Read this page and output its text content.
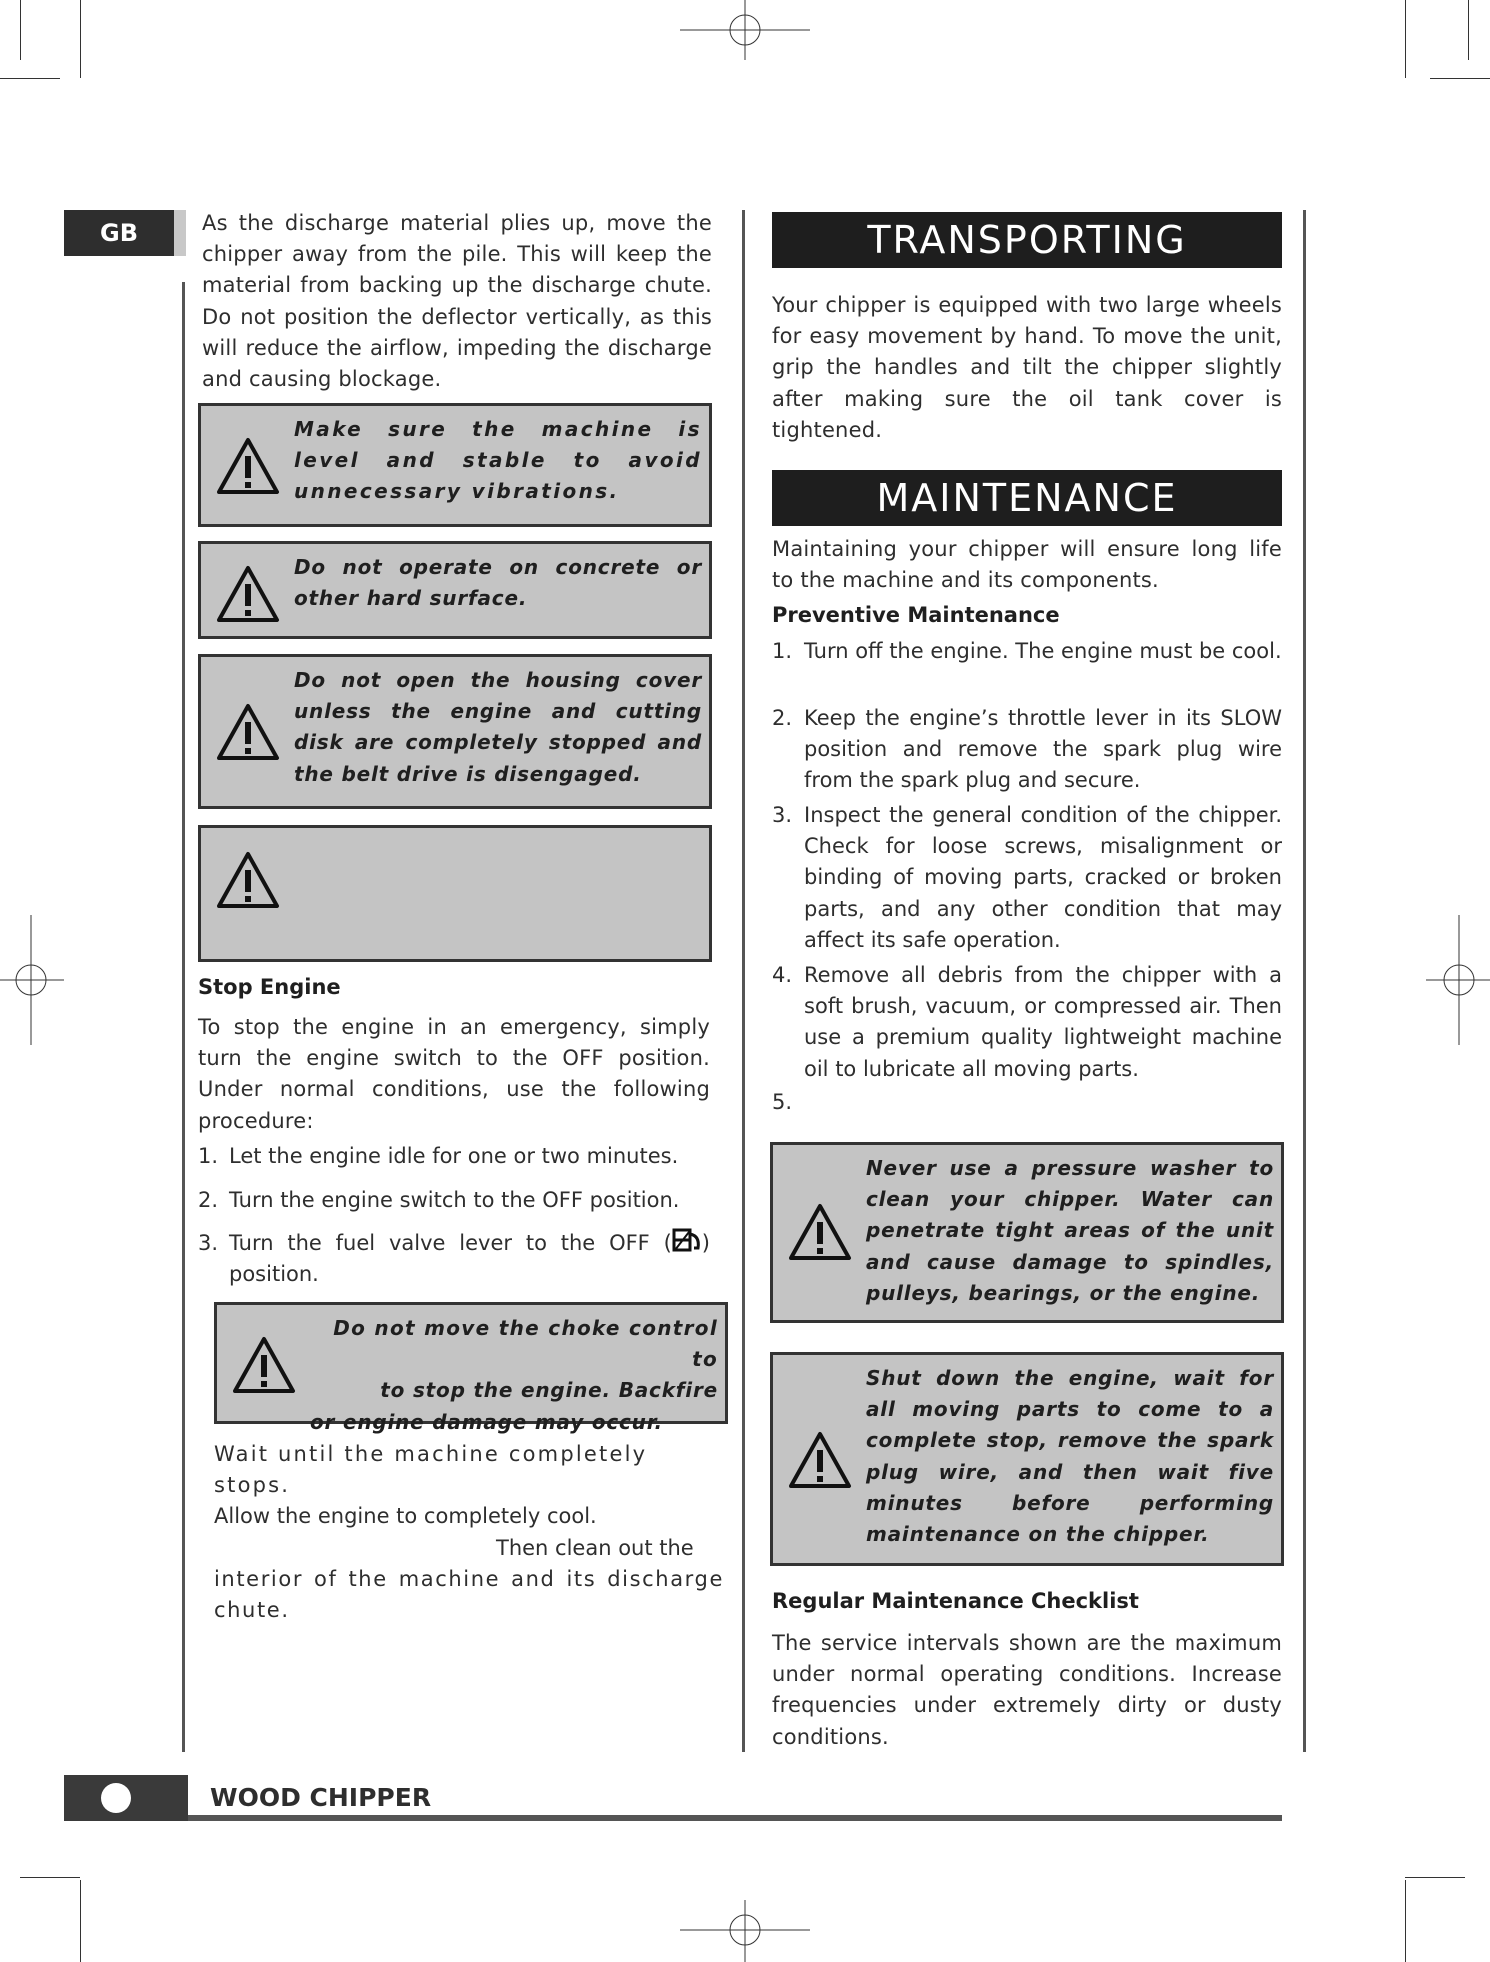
GB	As the discharge material plies up, move the chipper away from the pile. This will keep the material from backing up the discharge chute. Do not position the deflector vertically, as this will reduce the airflow, impeding the discharge and causing blockage.

Make sure the machine is level and stable to avoid unnecessary vibrations.
Do not operate on concrete or other hard surface.
Do not open the housing cover unless the engine and cutting disk are completely stopped and the belt drive is disengaged.
Stop Engine

To stop the engine in an emergency, simply turn the engine switch to the OFF position. Under normal conditions, use the following procedure:

1. Let the engine idle for one or two minutes.
2. Turn the engine switch to the OFF position.
3. Turn the fuel valve lever to the OFF ( ) position.
Do not move the choke control to
to stop the engine. Backfire
or engine damage may occur.
Wait until the machine completely stops.
Allow the engine to completely cool.
Then clean out the
interior of the machine and its discharge chute.
TRANSPORTING

Your chipper is equipped with two large wheels for easy movement by hand. To move the unit, grip the handles and tilt the chipper slightly after making sure the oil tank cover is tightened.

MAINTENANCE

Maintaining your chipper will ensure long life to the machine and its components.

Preventive Maintenance
1. Turn off the engine. The engine must be cool.
2. Keep the engine’s throttle lever in its SLOW position and remove the spark plug wire from the spark plug and secure.
3. Inspect the general condition of the chipper. Check for loose screws, misalignment or binding of moving parts, cracked or broken parts, and any other condition that may affect its safe operation.
4. Remove all debris from the chipper with a soft brush, vacuum, or compressed air. Then use a premium quality lightweight machine oil to lubricate all moving parts.
5.
Never use a pressure washer to clean your chipper. Water can penetrate tight areas of the unit and cause damage to spindles, pulleys, bearings, or the engine.
Shut down the engine, wait for all moving parts to come to a complete stop, remove the spark plug wire, and then wait five minutes before performing maintenance on the chipper.
Regular Maintenance Checklist

The service intervals shown are the maximum under normal operating conditions. Increase frequencies under extremely dirty or dusty conditions.

WOOD CHIPPER
